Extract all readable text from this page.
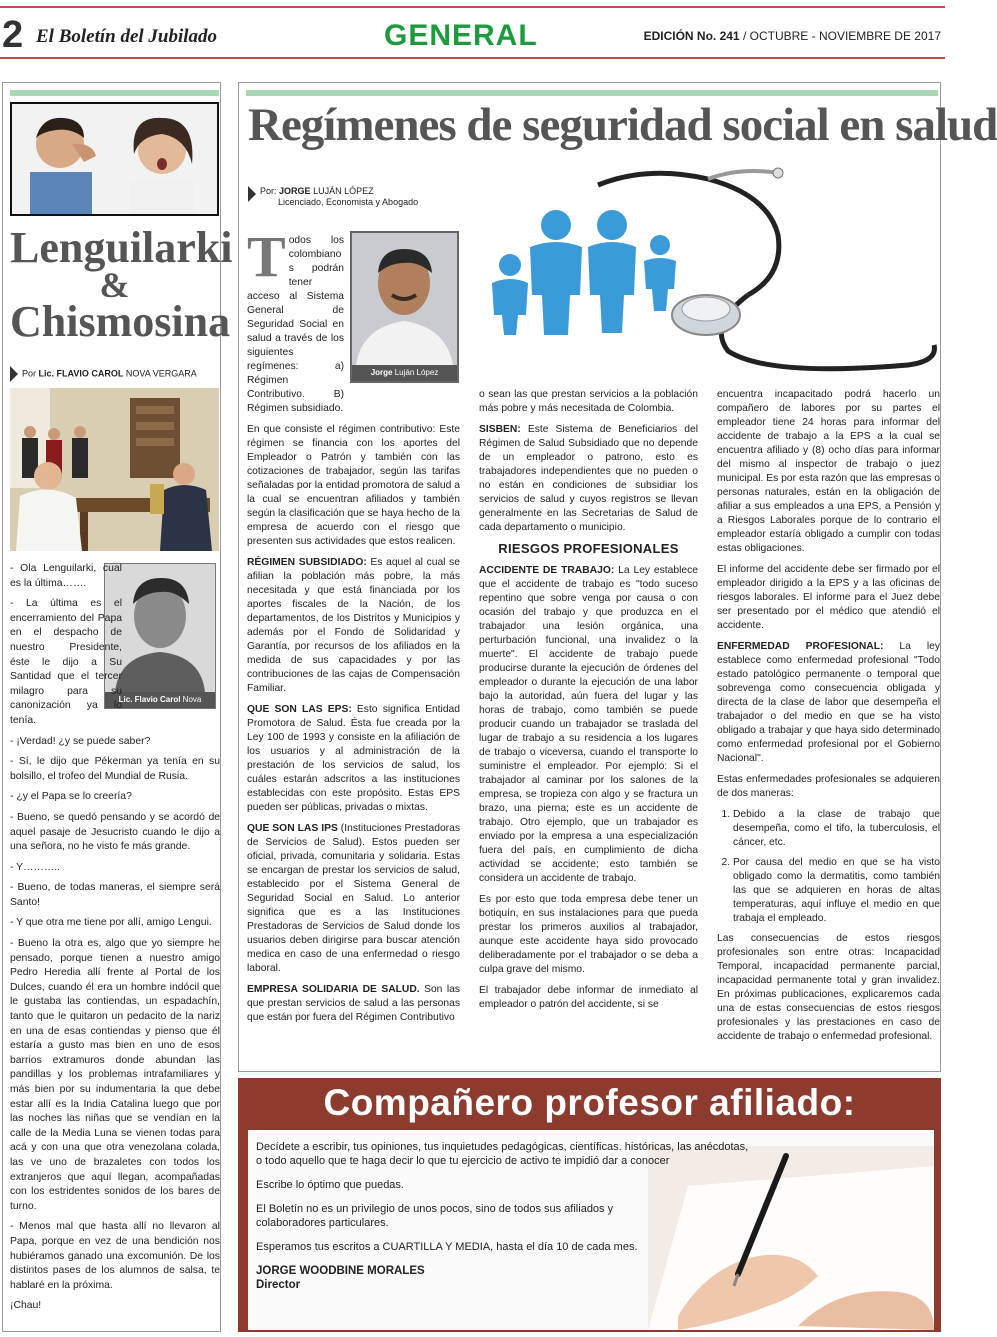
2 El Boletín del Jubilado	GENERAL	EDICIÓN No. 241 / OCTUBRE - NOVIEMBRE DE 2017
Lenguilarki
&
Chismosina
Por Lic. FLAVIO CAROL NOVA VERGARA
Lic. Flavio Carol Nova Vergara

- Ola Lenguilarki, cual es la última…….

- La última es el encerramiento del Papa en el despacho de nuestro Presidente, éste le dijo a Su Santidad que el tercer milagro para su canonización ya lo tenía.

- ¡Verdad! ¿y se puede saber?

- Sí, le dijo que Pékerman ya tenía en su bolsillo, el trofeo del Mundial de Rusia.

- ¿y el Papa se lo creería?

- Bueno, se quedó pensando y se acordó de aquel pasaje de Jesucristo cuando le dijo a una señora, no he visto fe más grande.

- Y………..

- Bueno, de todas maneras, el siempre será Santo!

- Y que otra me tiene por allí, amigo Lengui.

- Bueno la otra es, algo que yo siempre he pensado, porque tienen a nuestro amigo Pedro Heredia allí frente al Portal de los Dulces, cuando él era un hombre indócil que le gustaba las contiendas, un espadachín, tanto que le quitaron un pedacito de la nariz en una de esas contiendas y pienso que él estaría a gusto mas bien en uno de esos barrios extramuros donde abundan las pandillas y los problemas intrafamiliares y más bien por su indumentaria la que debe estar allí es la India Catalina luego que por las noches las niñas que se vendían en la calle de la Media Luna se vienen todas para acá y con una que otra venezolana colada, las ve uno de brazaletes con todos los extranjeros que aquí llegan, acompañadas con los estridentes sonidos de los bares de turno.

- Menos mal que hasta allí no llevaron al Papa, porque en vez de una bendición nos hubiéramos ganado una excomunión. De los distintos pases de los alumnos de salsa, te hablaré en la próxima.

¡Chau!

Regímenes de seguridad social en salud
Por: JORGE LUJÁN LÓPEZ
Licenciado, Economista y Abogado
Jorge Luján López

Todos los colombiano s podrán tener acceso al Sistema General de Seguridad Social en salud a través de los siguientes regímenes: a) Régimen Contributivo. B) Régimen subsidiado.

En que consiste el régimen contributivo: Este régimen se financia con los aportes del Empleador o Patrón y también con las cotizaciones de trabajador, según las tarifas señaladas por la entidad promotora de salud a la cual se encuentran afiliados y también según la clasificación que se haya hecho de la empresa de acuerdo con el riesgo que presenten sus actividades que estos realicen.

RÉGIMEN SUBSIDIADO: Es aquel al cual se afilian la población más pobre, la más necesitada y que está financiada por los aportes fiscales de la Nación, de los departamentos, de los Distritos y Municipios y además por el Fondo de Solidaridad y Garantía, por recursos de los afiliados en la medida de sus capacidades y por las contribuciones de las cajas de Compensación Familiar.

QUE SON LAS EPS: Esto significa Entidad Promotora de Salud. Ésta fue creada por la Ley 100 de 1993 y consiste en la afiliación de los usuarios y al administración de la prestación de los servicios de salud, los cuáles estarán adscritos a las instituciones establecidas con este propósito. Estas EPS pueden ser públicas, privadas o mixtas.

QUE SON LAS IPS (Instituciones Prestadoras de Servicios de Salud). Estos pueden ser oficial, privada, comunitaria y solidaria. Estas se encargan de prestar los servicios de salud, establecido por el Sistema General de Seguridad Social en Salud. Lo anterior significa que es a las Instituciones Prestadoras de Servicios de Salud donde los usuarios deben dirigirse para buscar atención medica en caso de una enfermedad o riesgo laboral.

EMPRESA SOLIDARIA DE SALUD. Son las que prestan servicios de salud a las personas que están por fuera del Régimen Contributivo

o sean las que prestan servicios a la población más pobre y más necesitada de Colombia.

SISBEN: Este Sistema de Beneficiarios del Régimen de Salud Subsidiado que no depende de un empleador o patrono, esto es trabajadores independientes que no pueden o no están en condiciones de subsidiar los servicios de salud y cuyos registros se llevan generalmente en las Secretarias de Salud de cada departamento o municipio.

RIESGOS PROFESIONALES

ACCIDENTE DE TRABAJO: La Ley establece que el accidente de trabajo es "todo suceso repentino que sobre venga por causa o con ocasión del trabajo y que produzca en el trabajador una lesión orgánica, una perturbación funcional, una invalidez o la muerte". El accidente de trabajo puede producirse durante la ejecución de órdenes del empleador o durante la ejecución de una labor bajo la autoridad, aún fuera del lugar y las horas de trabajo, como también se puede producir cuando un trabajador se traslada del lugar de trabajo a su residencia a los lugares de trabajo o viceversa, cuando el transporte lo suministre el empleador. Por ejemplo: Si el trabajador al caminar por los salones de la empresa, se tropieza con algo y se fractura un brazo, una pierna; este es un accidente de trabajo. Otro ejemplo, que un trabajador es enviado por la empresa a una especialización fuera del país, en cumplimiento de dicha actividad se accidente; esto también se considera un accidente de trabajo.

Es por esto que toda empresa debe tener un botiquín, en sus instalaciones para que pueda prestar los primeros auxilios al trabajador, aunque este accidente haya sido provocado deliberadamente por el trabajador o se deba a culpa grave del mismo.

El trabajador debe informar de inmediato al empleador o patrón del accidente, si se

encuentra incapacitado podrá hacerlo un compañero de labores por su partes el empleador tiene 24 horas para informar del accidente de trabajo a la EPS a la cual se encuentra afiliado y (8) ocho días para informar del mismo al inspector de trabajo o juez municipal. Es por esta razón que las empresas o personas naturales, están en la obligación de afiliar a sus empleados a una EPS, a Pensión y a Riesgos Laborales porque de lo contrario el empleador estaría obligado a cumplir con todas estas obligaciones.

El informe del accidente debe ser firmado por el empleador dirigido a la EPS y a las oficinas de riesgos laborales. El informe para el Juez debe ser presentado por el médico que atendió el accidente.

ENFERMEDAD PROFESIONAL: La ley establece como enfermedad profesional "Todo estado patológico permanente o temporal que sobrevenga como consecuencia obligada y directa de la clase de labor que desempeña el trabajador o del medio en que se ha visto obligado a trabajar y que haya sido determinado como enfermedad profesional por el Gobierno Nacional".

Estas enfermedades profesionales se adquieren de dos maneras:

1. Debido a la clase de trabajo que desempeña, como el tifo, la tuberculosis, el cáncer, etc.
2. Por causa del medio en que se ha visto obligado como la dermatitis, como también las que se adquieren en horas de altas temperaturas, aquí influye el medio en que trabaja el empleado.

Las consecuencias de estos riesgos profesionales son entre otras: Incapacidad Temporal, incapacidad permanente parcial, incapacidad permanente total y gran invalidez. En próximas publicaciones, explicaremos cada una de estas consecuencias de estos riesgos profesionales y las prestaciones en caso de accidente de trabajo o enfermedad profesional.

Compañero profesor afiliado:

Decídete a escribir, tus opiniones, tus inquietudes pedagógicas, científicas. históricas, las anécdotas, o todo aquello que te haga decir lo que tu ejercicio de activo te impidió dar a conocer

Escribe lo óptimo que puedas.

El Boletín no es un privilegio de unos pocos, sino de todos sus afiliados y colaboradores particulares.

Esperamos tus escritos a CUARTILLA Y MEDIA, hasta el día 10 de cada mes.

JORGE WOODBINE MORALES
Director
